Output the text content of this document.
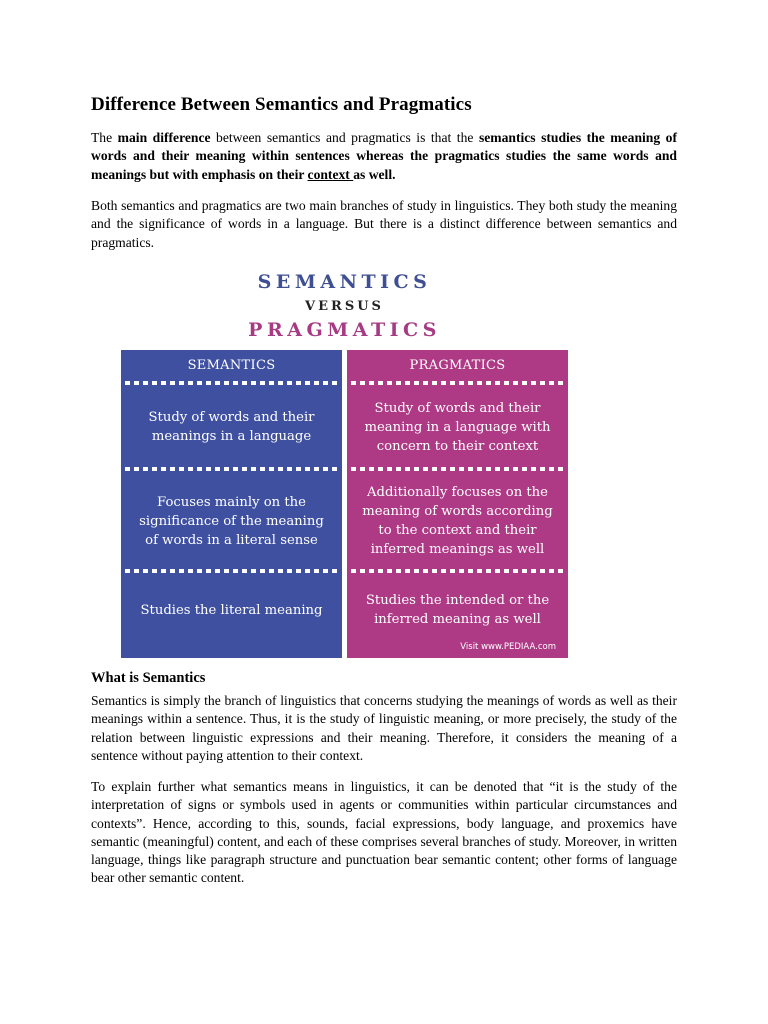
Difference Between Semantics and Pragmatics

The main difference between semantics and pragmatics is that the semantics studies the meaning of words and their meaning within sentences whereas the pragmatics studies the same words and meanings but with emphasis on their context as well.

Both semantics and pragmatics are two main branches of study in linguistics. They both study the meaning and the significance of words in a language. But there is a distinct difference between semantics and pragmatics.

SEMANTICS
VERSUS
PRAGMATICS
SEMANTICS
Study of words and their meanings in a language
Focuses mainly on the significance of the meaning of words in a literal sense
Studies the literal meaning
PRAGMATICS
Study of words and their meaning in a language with concern to their context
Additionally focuses on the meaning of words according to the context and their inferred meanings as well
Studies the intended or the inferred meaning as well
Visit www.PEDIAA.com
What is Semantics

Semantics is simply the branch of linguistics that concerns studying the meanings of words as well as their meanings within a sentence. Thus, it is the study of linguistic meaning, or more precisely, the study of the relation between linguistic expressions and their meaning. Therefore, it considers the meaning of a sentence without paying attention to their context.

To explain further what semantics means in linguistics, it can be denoted that “it is the study of the interpretation of signs or symbols used in agents or communities within particular circumstances and contexts”. Hence, according to this, sounds, facial expressions, body language, and proxemics have semantic (meaningful) content, and each of these comprises several branches of study. Moreover, in written language, things like paragraph structure and punctuation bear semantic content; other forms of language bear other semantic content.
